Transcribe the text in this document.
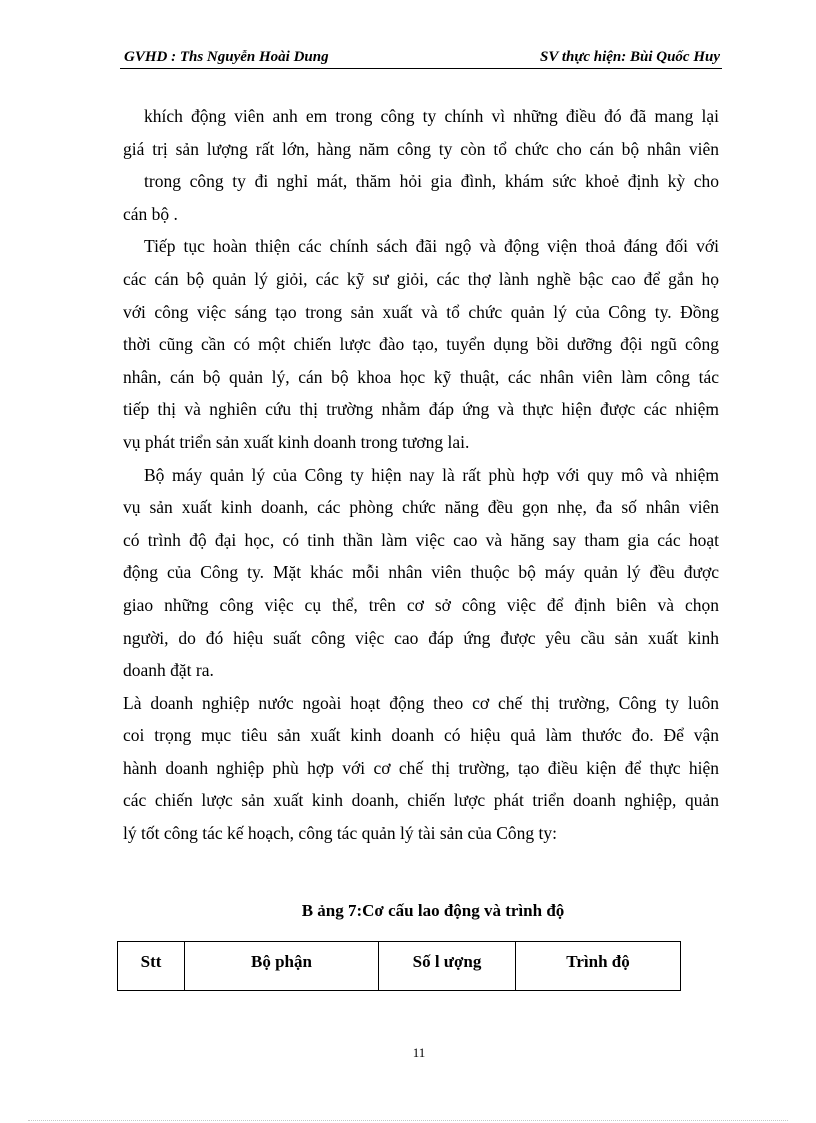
GVHD : Ths Nguyễn Hoài Dung	SV thực hiện: Bùi Quốc Huy

khích động viên anh em trong công ty chính vì những điều đó đã mang lại
giá trị sản lượng rất lớn, hàng năm công ty còn tổ chức cho cán bộ nhân viên
trong công ty đi nghỉ mát, thăm hỏi gia đình, khám sức khoẻ định kỳ cho
cán bộ .

Tiếp tục hoàn thiện các chính sách đãi ngộ và động viện thoả đáng đối với
các cán bộ quản lý giỏi, các kỹ sư giỏi, các thợ lành nghề bậc cao để gắn họ
với công việc sáng tạo trong sản xuất và tổ chức quản lý của Công ty. Đồng
thời cũng cần có một chiến lược đào tạo, tuyển dụng bồi dưỡng đội ngũ công
nhân, cán bộ quản lý, cán bộ khoa học kỹ thuật, các nhân viên làm công tác
tiếp thị và nghiên cứu thị trường nhằm đáp ứng và thực hiện được các nhiệm
vụ phát triển sản xuất kinh doanh trong tương lai.

Bộ máy quản lý của Công ty hiện nay là rất phù hợp với quy mô và nhiệm
vụ sản xuất kinh doanh, các phòng chức năng đều gọn nhẹ, đa số nhân viên
có trình độ đại học, có tinh thần làm việc cao và hăng say tham gia các hoạt
động của Công ty. Mặt khác mỗi nhân viên thuộc bộ máy quản lý đều được
giao những công việc cụ thể, trên cơ sở công việc để định biên và chọn
người, do đó hiệu suất công việc cao đáp ứng được yêu cầu sản xuất kinh
doanh đặt ra.

Là doanh nghiệp nước ngoài hoạt động theo cơ chế thị trường, Công ty luôn
coi trọng mục tiêu sản xuất kinh doanh có hiệu quả làm thước đo. Để vận
hành doanh nghiệp phù hợp với cơ chế thị trường, tạo điều kiện để thực hiện
các chiến lược sản xuất kinh doanh, chiến lược phát triển doanh nghiệp, quản
lý tốt công tác kế hoạch, công tác quản lý tài sản của Công ty:

B ảng 7:Cơ cấu lao động và trình độ
Stt	Bộ phận	Số l ượng	Trình độ
11
